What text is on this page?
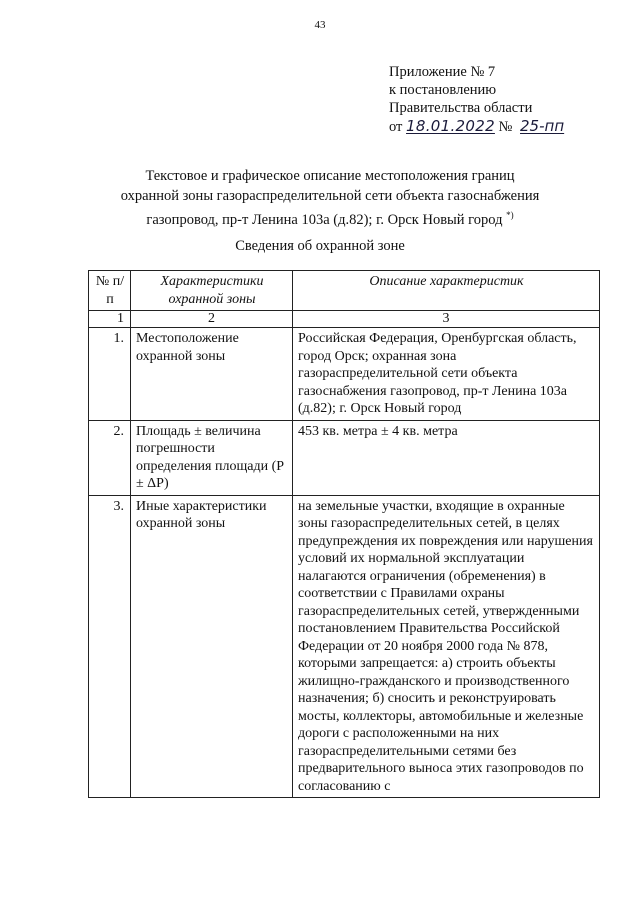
43
Приложение № 7
к постановлению
Правительства области
от 18.01.2022 № 25-пп
Текстовое и графическое описание местоположения границ
охранной зоны газораспределительной сети объекта газоснабжения
газопровод, пр-т Ленина 103а (д.82); г. Орск Новый город *)
Сведения об охранной зоне
№ п/п	Характеристики охранной зоны	Описание характеристик
1	2	3
1.	Местоположение охранной зоны	Российская Федерация, Оренбургская область, город Орск; охранная зона газораспределительной сети объекта газоснабжения газопровод, пр-т Ленина 103а (д.82); г. Орск Новый город
2.	Площадь ± величина погрешности определения площади (Р ± ΔР)	453 кв. метра ± 4 кв. метра
3.	Иные характеристики охранной зоны	на земельные участки, входящие в охранные зоны газораспределительных сетей, в целях предупреждения их повреждения или нарушения условий их нормальной эксплуатации налагаются ограничения (обременения) в соответствии с Правилами охраны газораспределительных сетей, утвержденными постановлением Правительства Российской Федерации от 20 ноября 2000 года № 878, которыми запрещается: а) строить объекты жилищно-гражданского и производственного назначения; б) сносить и реконструировать мосты, коллекторы, автомобильные и железные дороги с расположенными на них газораспределительными сетями без предварительного выноса этих газопроводов по согласованию с
